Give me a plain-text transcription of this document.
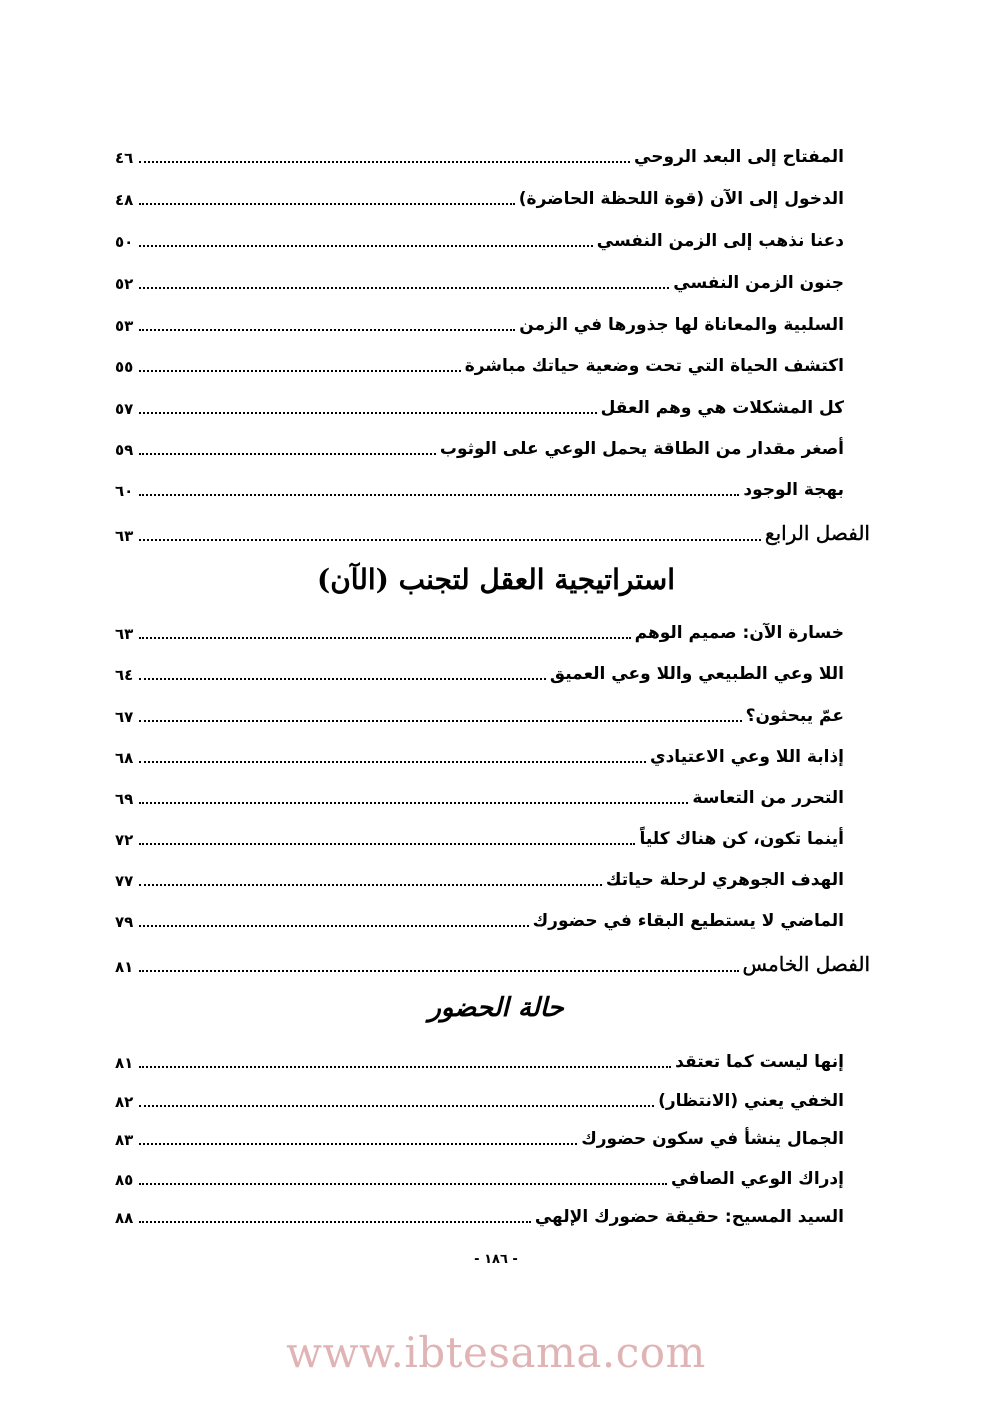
المفتاح إلى البعد الروحي
٤٦
الدخول إلى الآن (قوة اللحظة الحاضرة)
٤٨
دعنا نذهب إلى الزمن النفسي
٥٠
جنون الزمن النفسي
٥٢
السلبية والمعاناة لها جذورها في الزمن
٥٣
اكتشف الحياة التي تحت وضعية حياتك مباشرة
٥٥
كل المشكلات هي وهم العقل
٥٧
أصغر مقدار من الطاقة يحمل الوعي على الوثوب
٥٩
بهجة الوجود
٦٠
الفصل الرابع
٦٣
استراتيجية العقل لتجنب (الآن)
خسارة الآن: صميم الوهم
٦٣
اللا وعي الطبيعي واللا وعي العميق
٦٤
عمّ يبحثون؟
٦٧
إذابة اللا وعي الاعتيادي
٦٨
التحرر من التعاسة
٦٩
أينما تكون، كن هناك كلياً
٧٢
الهدف الجوهري لرحلة حياتك
٧٧
الماضي لا يستطيع البقاء في حضورك
٧٩
الفصل الخامس
٨١
حالة الحضور
إنها ليست كما تعتقد
٨١
الخفي يعني (الانتظار)
٨٢
الجمال ينشأ في سكون حضورك
٨٣
إدراك الوعي الصافي
٨٥
السيد المسيح: حقيقة حضورك الإلهي
٨٨
- ١٨٦ -
www.ibtesama.com
